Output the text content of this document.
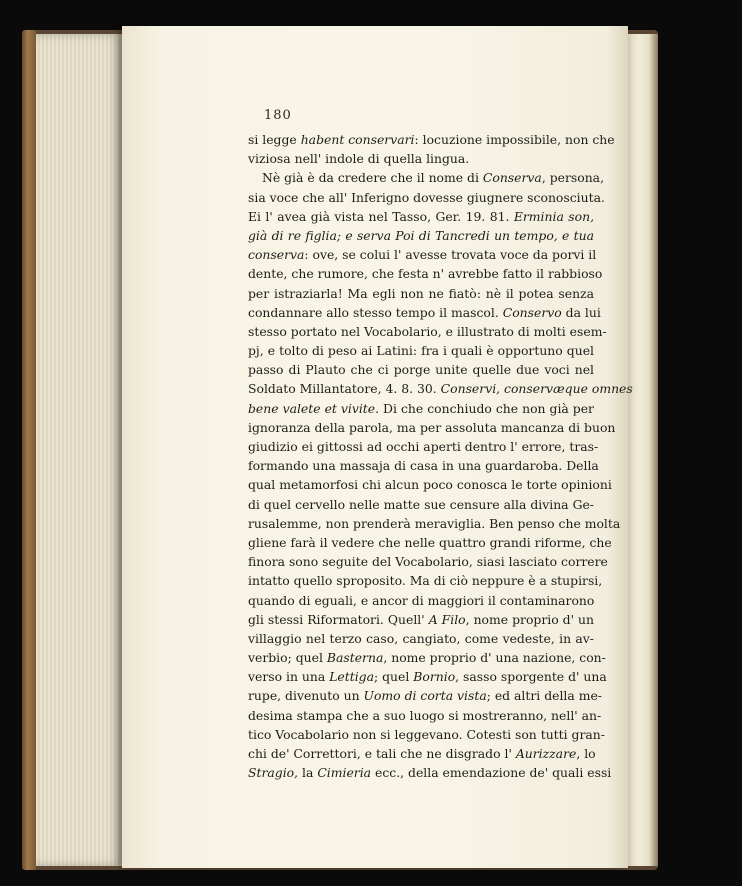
180
si legge habent conservari: locuzione impossibile, non che
viziosa nell' indole di quella lingua.
Nè già è da credere che il nome di Conserva, persona,
sia voce che all' Inferigno dovesse giugnere sconosciuta.
Ei l' avea già vista nel Tasso, Ger. 19. 81. Erminia son,
già di re figlia; e serva Poi di Tancredi un tempo, e tua
conserva: ove, se colui l' avesse trovata voce da porvi il
dente, che rumore, che festa n' avrebbe fatto il rabbioso
per istraziarla! Ma egli non ne fiatò: nè il potea senza
condannare allo stesso tempo il mascol. Conservo da lui
stesso portato nel Vocabolario, e illustrato di molti esem-
pj, e tolto di peso ai Latini: fra i quali è opportuno quel
passo di Plauto che ci porge unite quelle due voci nel
Soldato Millantatore, 4. 8. 30. Conservi, conservæque omnes
bene valete et vivite. Di che conchiudo che non già per
ignoranza della parola, ma per assoluta mancanza di buon
giudizio ei gittossi ad occhi aperti dentro l' errore, tras-
formando una massaja di casa in una guardaroba. Della
qual metamorfosi chi alcun poco conosca le torte opinioni
di quel cervello nelle matte sue censure alla divina Ge-
rusalemme, non prenderà meraviglia. Ben penso che molta
gliene farà il vedere che nelle quattro grandi riforme, che
finora sono seguite del Vocabolario, siasi lasciato correre
intatto quello sproposito. Ma di ciò neppure è a stupirsi,
quando di eguali, e ancor di maggiori il contaminarono
gli stessi Riformatori. Quell' A Filo, nome proprio d' un
villaggio nel terzo caso, cangiato, come vedeste, in av-
verbio; quel Basterna, nome proprio d' una nazione, con-
verso in una Lettiga; quel Bornio, sasso sporgente d' una
rupe, divenuto un Uomo di corta vista; ed altri della me-
desima stampa che a suo luogo si mostreranno, nell' an-
tico Vocabolario non si leggevano. Cotesti son tutti gran-
chi de' Correttori, e tali che ne disgrado l' Aurizzare, lo
Stragio, la Cimieria ecc., della emendazione de' quali essi
